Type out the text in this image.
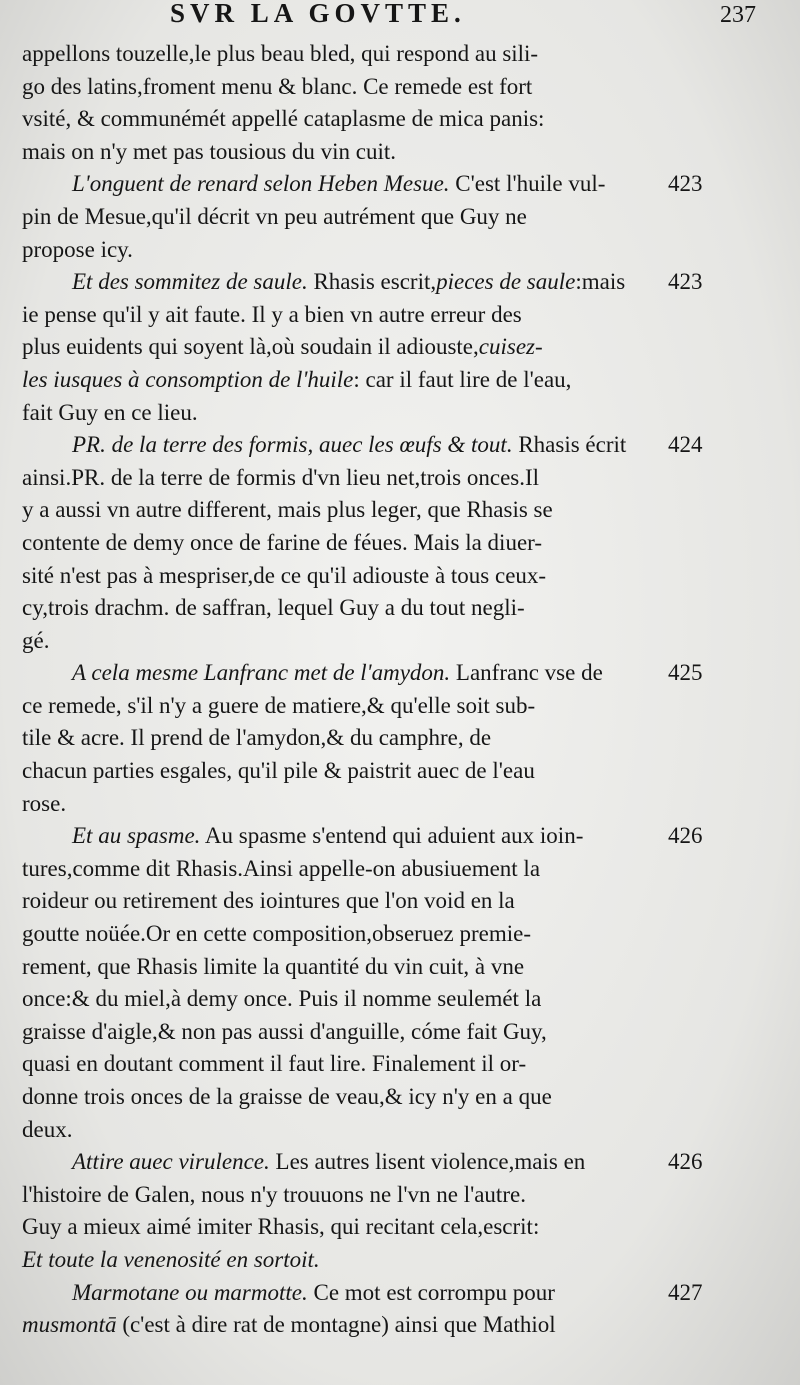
SVR LA GOVTTE.	237
appellons touzelle,le plus beau bled, qui respond au sili-
go des latins,froment menu & blanc. Ce remede est fort
vsité, & communémét appellé cataplasme de mica panis:
mais on n'y met pas tousious du vin cuit.
L'onguent de renard selon Heben Mesue. C'est l'huile vul-	423
pin de Mesue,qu'il décrit vn peu autrément que Guy ne
propose icy.
Et des sommitez de saule. Rhasis escrit,pieces de saule:mais 423
ie pense qu'il y ait faute. Il y a bien vn autre erreur des
plus euidents qui soyent là,où soudain il adiouste,cuisez-
les iusques à consomption de l'huile: car il faut lire de l'eau,
fait Guy en ce lieu.
PR. de la terre des formis, auec les œufs & tout. Rhasis écrit 424
ainsi.PR. de la terre de formis d'vn lieu net,trois onces.Il
y a aussi vn autre different, mais plus leger, que Rhasis se
contente de demy once de farine de féues. Mais la diuer-
sité n'est pas à mespriser,de ce qu'il adiouste à tous ceux-
cy,trois drachm. de saffran, lequel Guy a du tout negli-
gé.
A cela mesme Lanfranc met de l'amydon. Lanfranc vse de	425
ce remede, s'il n'y a guere de matiere,& qu'elle soit sub-
tile & acre. Il prend de l'amydon,& du camphre, de
chacun parties esgales, qu'il pile & paistrit auec de l'eau
rose.
Et au spasme. Au spasme s'entend qui aduient aux ioin-	426
tures,comme dit Rhasis.Ainsi appelle-on abusiuement la
roideur ou retirement des iointures que l'on void en la
goutte noüée.Or en cette composition,obseruez premie-
rement, que Rhasis limite la quantité du vin cuit, à vne
once:& du miel,à demy once. Puis il nomme seulemét la
graisse d'aigle,& non pas aussi d'anguille, cóme fait Guy,
quasi en doutant comment il faut lire. Finalement il or-
donne trois onces de la graisse de veau,& icy n'y en a que
deux.
Attire auec virulence. Les autres lisent violence,mais en	426
l'histoire de Galen, nous n'y trouuons ne l'vn ne l'autre.
Guy a mieux aimé imiter Rhasis, qui recitant cela,escrit:
Et toute la venenosité en sortoit.
Marmotane ou marmotte. Ce mot est corrompu pour	427
musmontā (c'est à dire rat de montagne) ainsi que Mathiol
